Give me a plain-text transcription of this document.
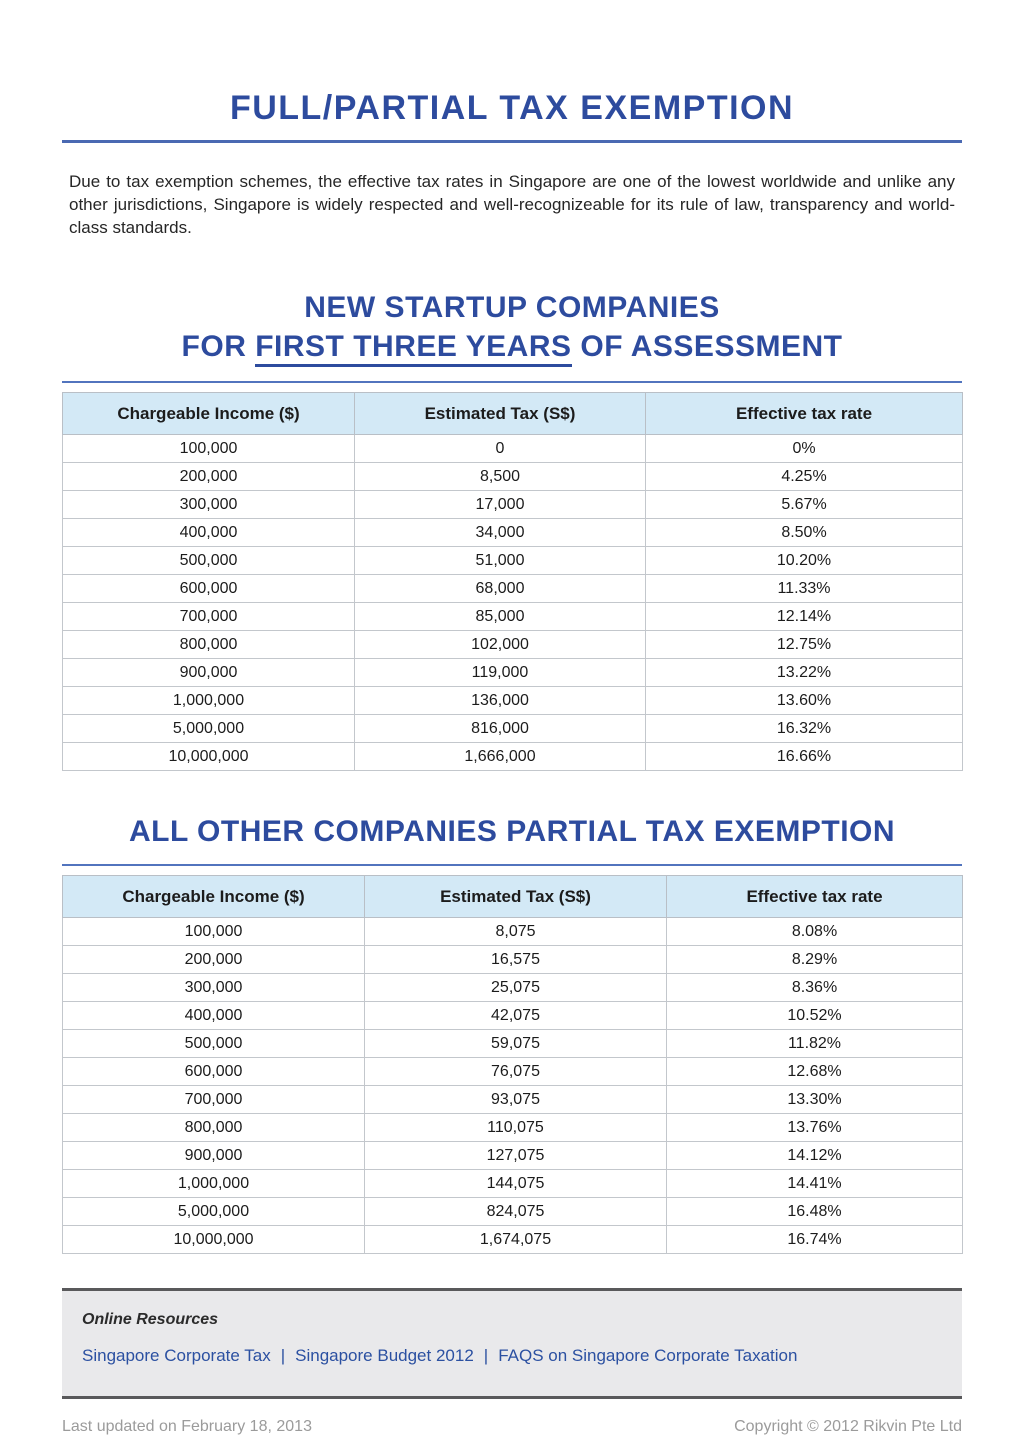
FULL/PARTIAL TAX EXEMPTION

Due to tax exemption schemes, the effective tax rates in Singapore are one of the lowest worldwide and unlike any other jurisdictions, Singapore is widely respected and well-recognizeable for its rule of law, transparency and world-class standards.

NEW STARTUP COMPANIES
FOR FIRST THREE YEARS OF ASSESSMENT
Chargeable Income ($)	Estimated Tax (S$)	Effective tax rate
100,000	0	0%
200,000	8,500	4.25%
300,000	17,000	5.67%
400,000	34,000	8.50%
500,000	51,000	10.20%
600,000	68,000	11.33%
700,000	85,000	12.14%
800,000	102,000	12.75%
900,000	119,000	13.22%
1,000,000	136,000	13.60%
5,000,000	816,000	16.32%
10,000,000	1,666,000	16.66%
ALL OTHER COMPANIES PARTIAL TAX EXEMPTION
Chargeable Income ($)	Estimated Tax (S$)	Effective tax rate
100,000	8,075	8.08%
200,000	16,575	8.29%
300,000	25,075	8.36%
400,000	42,075	10.52%
500,000	59,075	11.82%
600,000	76,075	12.68%
700,000	93,075	13.30%
800,000	110,075	13.76%
900,000	127,075	14.12%
1,000,000	144,075	14.41%
5,000,000	824,075	16.48%
10,000,000	1,674,075	16.74%
Online Resources
Singapore Corporate Tax | Singapore Budget 2012 | FAQS on Singapore Corporate Taxation
Last updated on February 18, 2013	Copyright © 2012 Rikvin Pte Ltd
